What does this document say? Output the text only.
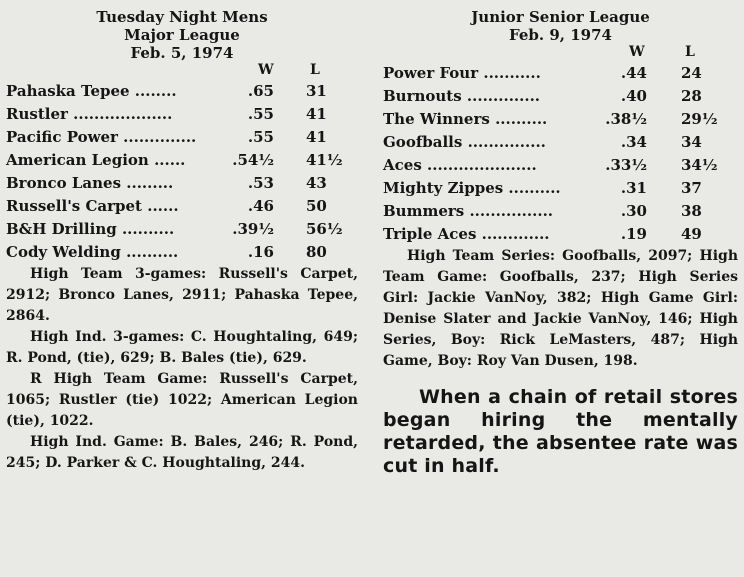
Tuesday Night Mens
Major League
Feb. 5, 1974
W	L
Pahaska Tepee ........	.65 31
Rustler ...................	.55 41
Pacific Power ..............	.55 41
American Legion ......	.54½ 41½
Bronco Lanes .........	.53 43
Russell's Carpet ......	.46 50
B&H Drilling ..........	.39½ 56½
Cody Welding ..........	.16 80

High Team 3-games: Russell's Carpet, 2912; Bronco Lanes, 2911; Pahaska Tepee, 2864.

High Ind. 3-games: C. Houghtaling, 649; R. Pond, (tie), 629; B. Bales (tie), 629.

R High Team Game: Russell's Carpet, 1065; Rustler (tie) 1022; American Legion (tie), 1022.

High Ind. Game: B. Bales, 246; R. Pond, 245; D. Parker & C. Houghtaling, 244.

Junior Senior League
Feb. 9, 1974
W	L
Power Four ...........	.44 24
Burnouts ..............	.40 28
The Winners ..........	.38½ 29½
Goofballs ...............	.34 34
Aces .....................	.33½ 34½
Mighty Zippes ..........	.31 37
Bummers ................	.30 38
Triple Aces .............	.19 49

High Team Series: Goofballs, 2097; High Team Game: Goofballs, 237; High Series Girl: Jackie VanNoy, 382; High Game Girl: Denise Slater and Jackie VanNoy, 146; High Series, Boy: Rick LeMasters, 487; High Game, Boy: Roy Van Dusen, 198.

When a chain of retail stores began hiring the mentally retarded, the absentee rate was cut in half.
